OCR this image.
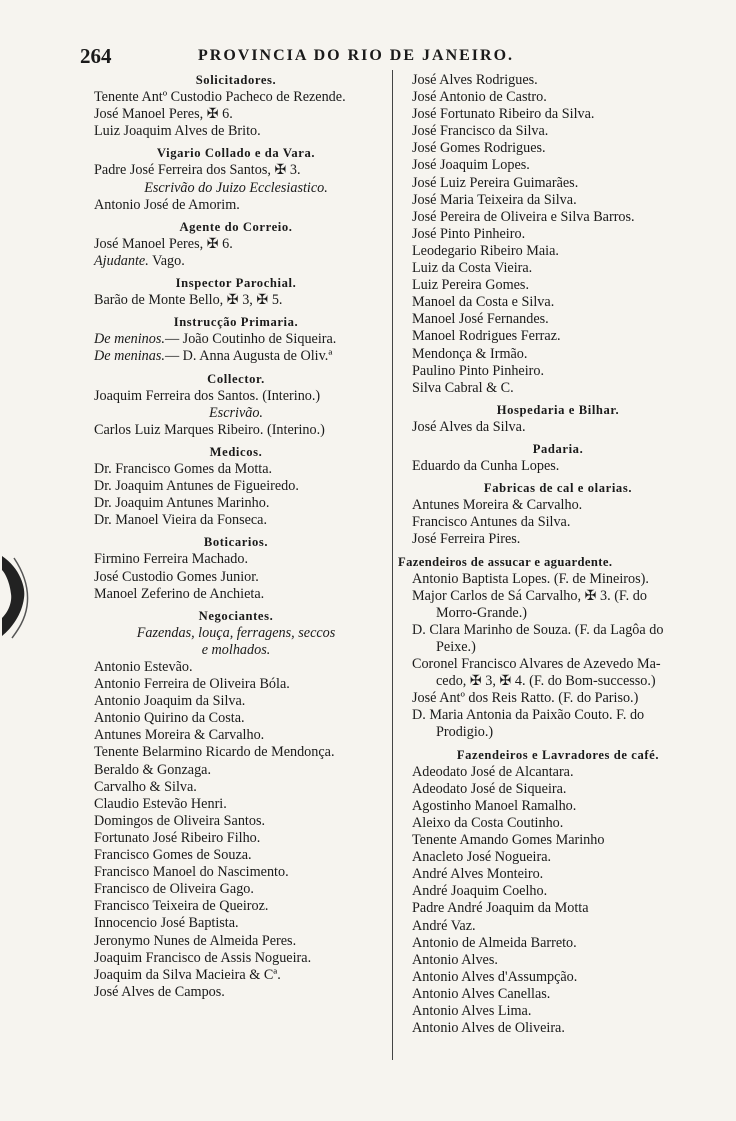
264	PROVINCIA DO RIO DE JANEIRO.
Solicitadores.
Tenente Antº Custodio Pacheco de Rezende.
José Manoel Peres, ✠ 6.
Luiz Joaquim Alves de Brito.
Vigario Collado e da Vara.
Padre José Ferreira dos Santos, ✠ 3.
Escrivão do Juizo Ecclesiastico.
Antonio José de Amorim.
Agente do Correio.
José Manoel Peres, ✠ 6.
Ajudante. Vago.
Inspector Parochial.
Barão de Monte Bello, ✠ 3, ✠ 5.
Instrucção Primaria.
De meninos.— João Coutinho de Siqueira.
De meninas.— D. Anna Augusta de Oliv.ª
Collector.
Joaquim Ferreira dos Santos. (Interino.)
Escrivão.
Carlos Luiz Marques Ribeiro. (Interino.)
Medicos.
Dr. Francisco Gomes da Motta.
Dr. Joaquim Antunes de Figueiredo.
Dr. Joaquim Antunes Marinho.
Dr. Manoel Vieira da Fonseca.
Boticarios.
Firmino Ferreira Machado.
José Custodio Gomes Junior.
Manoel Zeferino de Anchieta.
Negociantes.
Fazendas, louça, ferragens, seccos
e molhados.
Antonio Estevão.
Antonio Ferreira de Oliveira Bóla.
Antonio Joaquim da Silva.
Antonio Quirino da Costa.
Antunes Moreira & Carvalho.
Tenente Belarmino Ricardo de Mendonça.
Beraldo & Gonzaga.
Carvalho & Silva.
Claudio Estevão Henri.
Domingos de Oliveira Santos.
Fortunato José Ribeiro Filho.
Francisco Gomes de Souza.
Francisco Manoel do Nascimento.
Francisco de Oliveira Gago.
Francisco Teixeira de Queiroz.
Innocencio José Baptista.
Jeronymo Nunes de Almeida Peres.
Joaquim Francisco de Assis Nogueira.
Joaquim da Silva Macieira & Cª.
José Alves de Campos.
José Alves Rodrigues.
José Antonio de Castro.
José Fortunato Ribeiro da Silva.
José Francisco da Silva.
José Gomes Rodrigues.
José Joaquim Lopes.
José Luiz Pereira Guimarães.
José Maria Teixeira da Silva.
José Pereira de Oliveira e Silva Barros.
José Pinto Pinheiro.
Leodegario Ribeiro Maia.
Luiz da Costa Vieira.
Luiz Pereira Gomes.
Manoel da Costa e Silva.
Manoel José Fernandes.
Manoel Rodrigues Ferraz.
Mendonça & Irmão.
Paulino Pinto Pinheiro.
Silva Cabral & C.
Hospedaria e Bilhar.
José Alves da Silva.
Padaria.
Eduardo da Cunha Lopes.
Fabricas de cal e olarias.
Antunes Moreira & Carvalho.
Francisco Antunes da Silva.
José Ferreira Pires.
Fazendeiros de assucar e aguardente.
Antonio Baptista Lopes. (F. de Mineiros).
Major Carlos de Sá Carvalho, ✠ 3. (F. do
Morro-Grande.)
D. Clara Marinho de Souza. (F. da Lagôa do
Peixe.)
Coronel Francisco Alvares de Azevedo Ma-
cedo, ✠ 3, ✠ 4. (F. do Bom-successo.)
José Antº dos Reis Ratto. (F. do Pariso.)
D. Maria Antonia da Paixão Couto. F. do
Prodigio.)
Fazendeiros e Lavradores de café.
Adeodato José de Alcantara.
Adeodato José de Siqueira.
Agostinho Manoel Ramalho.
Aleixo da Costa Coutinho.
Tenente Amando Gomes Marinho
Anacleto José Nogueira.
André Alves Monteiro.
André Joaquim Coelho.
Padre André Joaquim da Motta
André Vaz.
Antonio de Almeida Barreto.
Antonio Alves.
Antonio Alves d'Assumpção.
Antonio Alves Canellas.
Antonio Alves Lima.
Antonio Alves de Oliveira.
